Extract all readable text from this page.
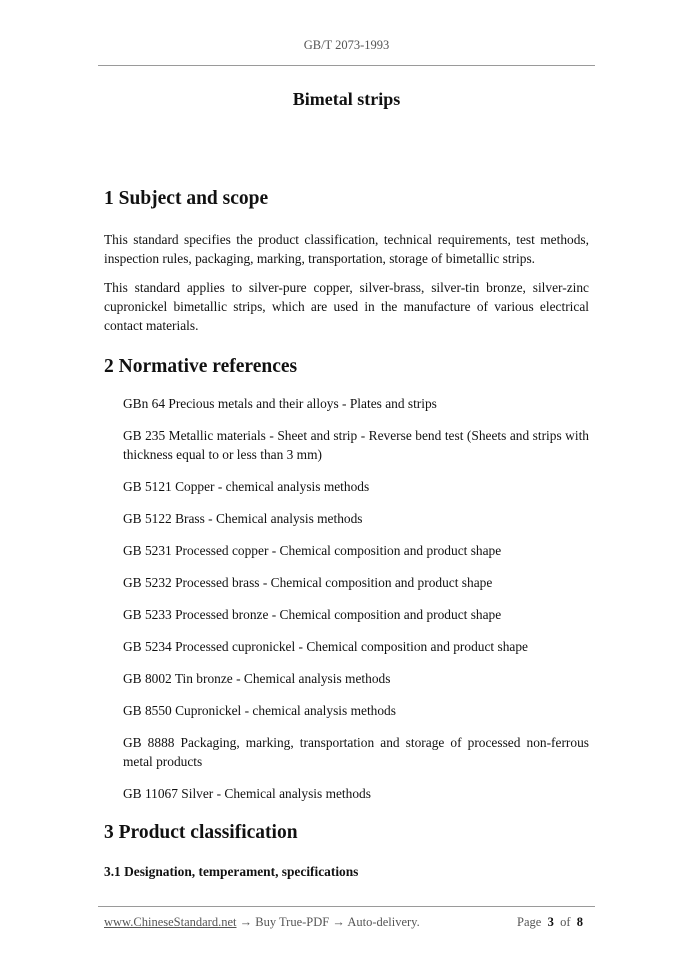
GB/T 2073-1993
Bimetal strips
1 Subject and scope

This standard specifies the product classification, technical requirements, test methods, inspection rules, packaging, marking, transportation, storage of bimetallic strips.

This standard applies to silver-pure copper, silver-brass, silver-tin bronze, silver-zinc cupronickel bimetallic strips, which are used in the manufacture of various electrical contact materials.

2 Normative references

GBn 64 Precious metals and their alloys - Plates and strips

GB 235 Metallic materials - Sheet and strip - Reverse bend test (Sheets and strips with thickness equal to or less than 3 mm)

GB 5121 Copper - chemical analysis methods

GB 5122 Brass - Chemical analysis methods

GB 5231 Processed copper - Chemical composition and product shape

GB 5232 Processed brass - Chemical composition and product shape

GB 5233 Processed bronze - Chemical composition and product shape

GB 5234 Processed cupronickel - Chemical composition and product shape

GB 8002 Tin bronze - Chemical analysis methods

GB 8550 Cupronickel - chemical analysis methods

GB 8888 Packaging, marking, transportation and storage of processed non-ferrous metal products

GB 11067 Silver - Chemical analysis methods

3 Product classification

3.1 Designation, temperament, specifications

www.ChineseStandard.net → Buy True-PDF → Auto-delivery.	Page 3 of 8
